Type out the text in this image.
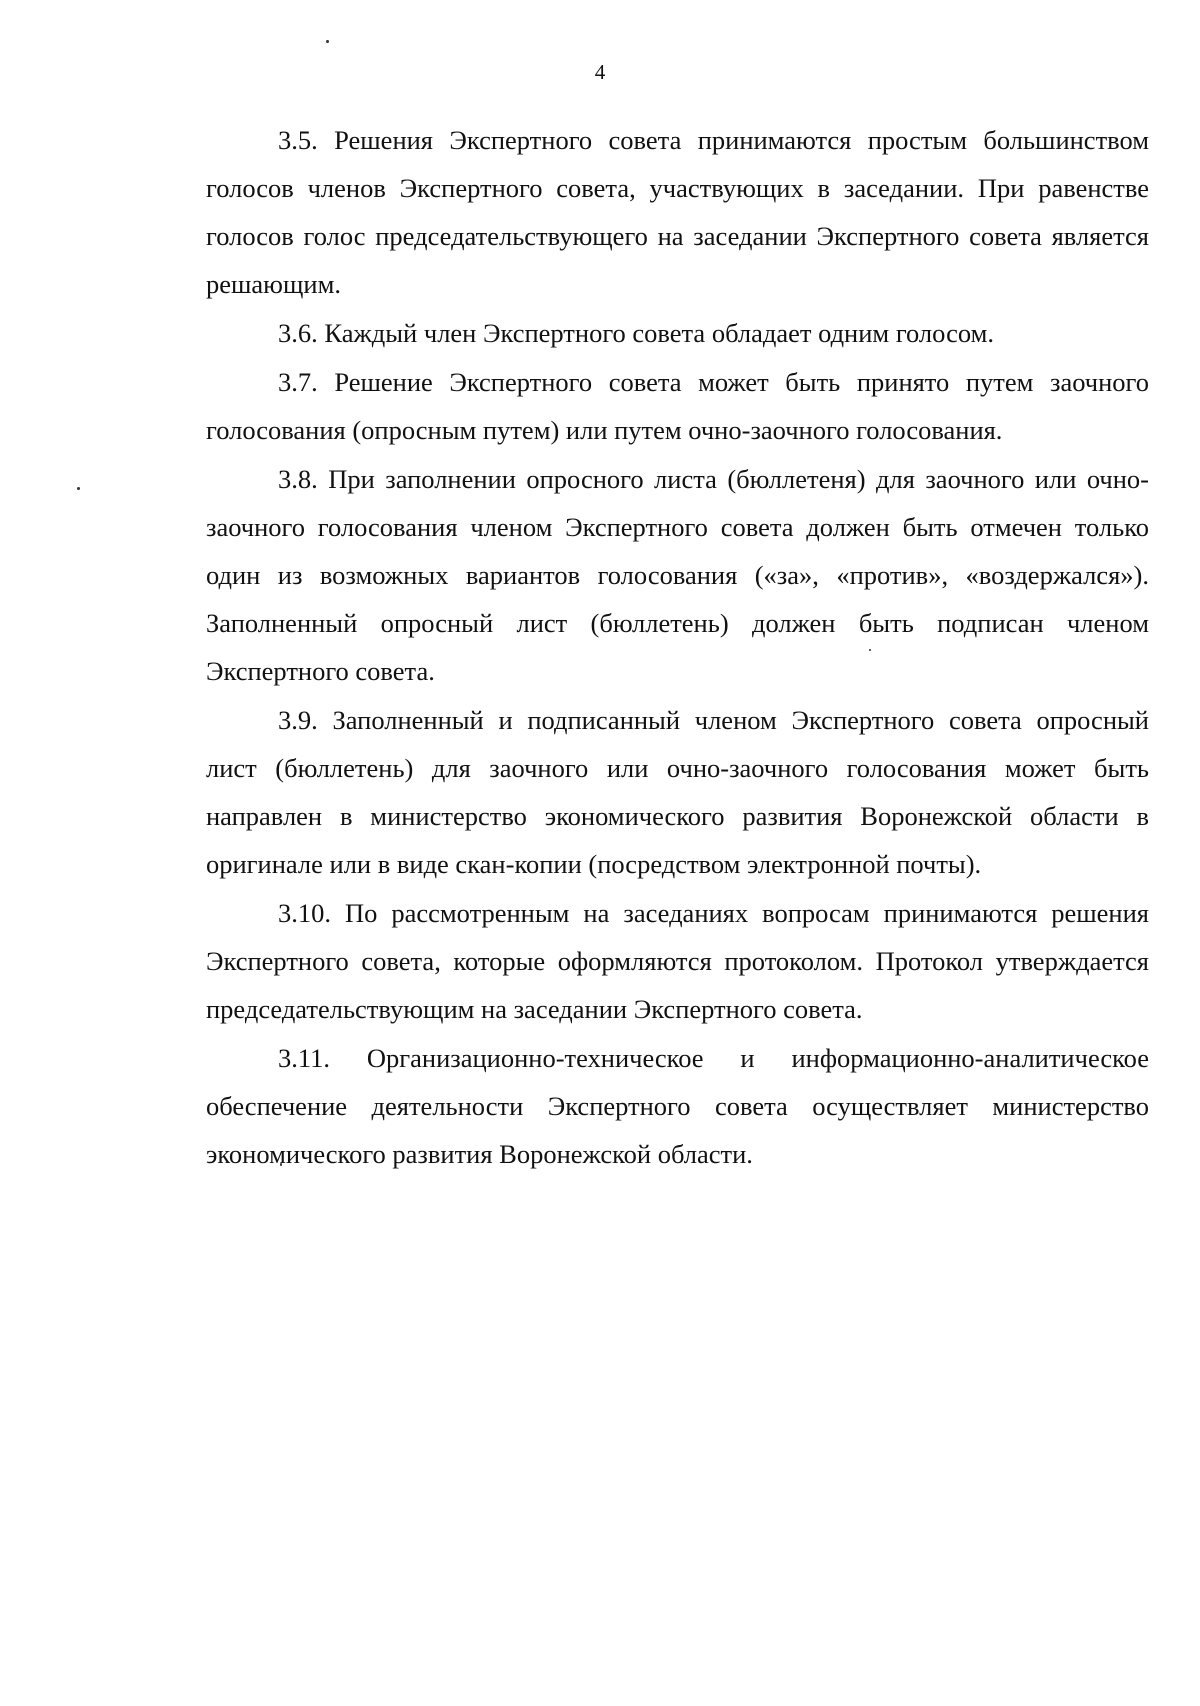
4

3.5. Решения Экспертного совета принимаются простым большинством голосов членов Экспертного совета, участвующих в заседании. При равенстве голосов голос председательствующего на заседании Экспертного совета является решающим.

3.6. Каждый член Экспертного совета обладает одним голосом.

3.7. Решение Экспертного совета может быть принято путем заочного голосования (опросным путем) или путем очно-заочного голосования.

3.8. При заполнении опросного листа (бюллетеня) для заочного или очно-заочного голосования членом Экспертного совета должен быть отмечен только один из возможных вариантов голосования («за», «против», «воздержался»). Заполненный опросный лист (бюллетень) должен быть подписан членом Экспертного совета.

3.9. Заполненный и подписанный членом Экспертного совета опросный лист (бюллетень) для заочного или очно-заочного голосования может быть направлен в министерство экономического развития Воронежской области в оригинале или в виде скан-копии (посредством электронной почты).

3.10. По рассмотренным на заседаниях вопросам принимаются решения Экспертного совета, которые оформляются протоколом. Протокол утверждается председательствующим на заседании Экспертного совета.

3.11. Организационно-техническое и информационно-аналитическое обеспечение деятельности Экспертного совета осуществляет министерство экономического развития Воронежской области.
